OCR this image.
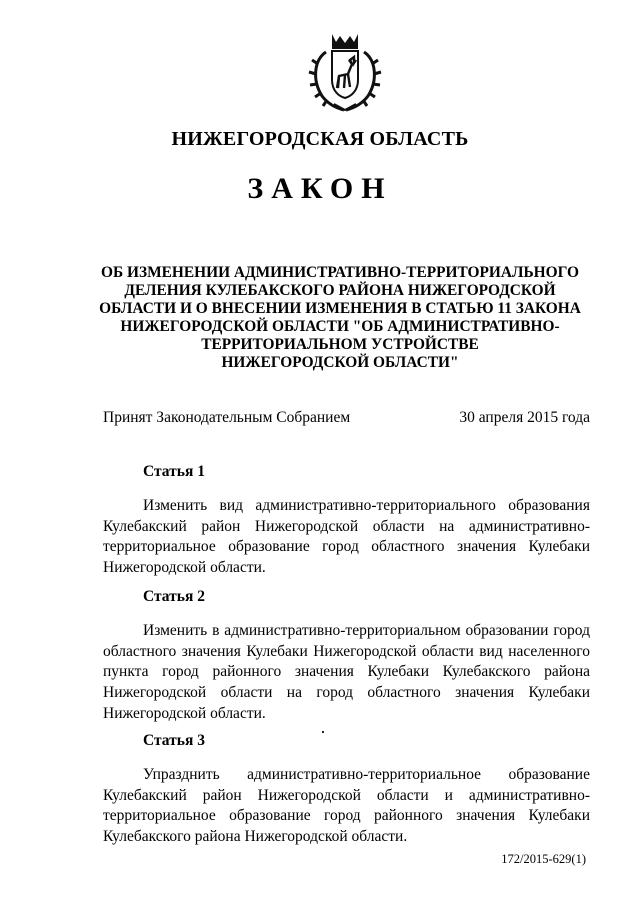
НИЖЕГОРОДСКАЯ ОБЛАСТЬ
ЗАКОН
ОБ ИЗМЕНЕНИИ АДМИНИСТРАТИВНО-ТЕРРИТОРИАЛЬНОГО
ДЕЛЕНИЯ КУЛЕБАКСКОГО РАЙОНА НИЖЕГОРОДСКОЙ
ОБЛАСТИ И О ВНЕСЕНИИ ИЗМЕНЕНИЯ В СТАТЬЮ 11 ЗАКОНА
НИЖЕГОРОДСКОЙ ОБЛАСТИ "ОБ АДМИНИСТРАТИВНО-
ТЕРРИТОРИАЛЬНОМ УСТРОЙСТВЕ
НИЖЕГОРОДСКОЙ ОБЛАСТИ"
Принят Законодательным Собранием	30 апреля 2015 года
Статья 1

Изменить вид административно-территориального образования Кулебакский район Нижегородской области на административно-территориальное образование город областного значения Кулебаки Нижегородской области.

Статья 2

Изменить в административно-территориальном образовании город областного значения Кулебаки Нижегородской области вид населенного пункта город районного значения Кулебаки Кулебакского района Нижегородской области на город областного значения Кулебаки Нижегородской области.

Статья 3

Упразднить административно-территориальное образование Кулебакский район Нижегородской области и административно-территориальное образование город районного значения Кулебаки Кулебакского района Нижегородской области.

172/2015-629(1)
